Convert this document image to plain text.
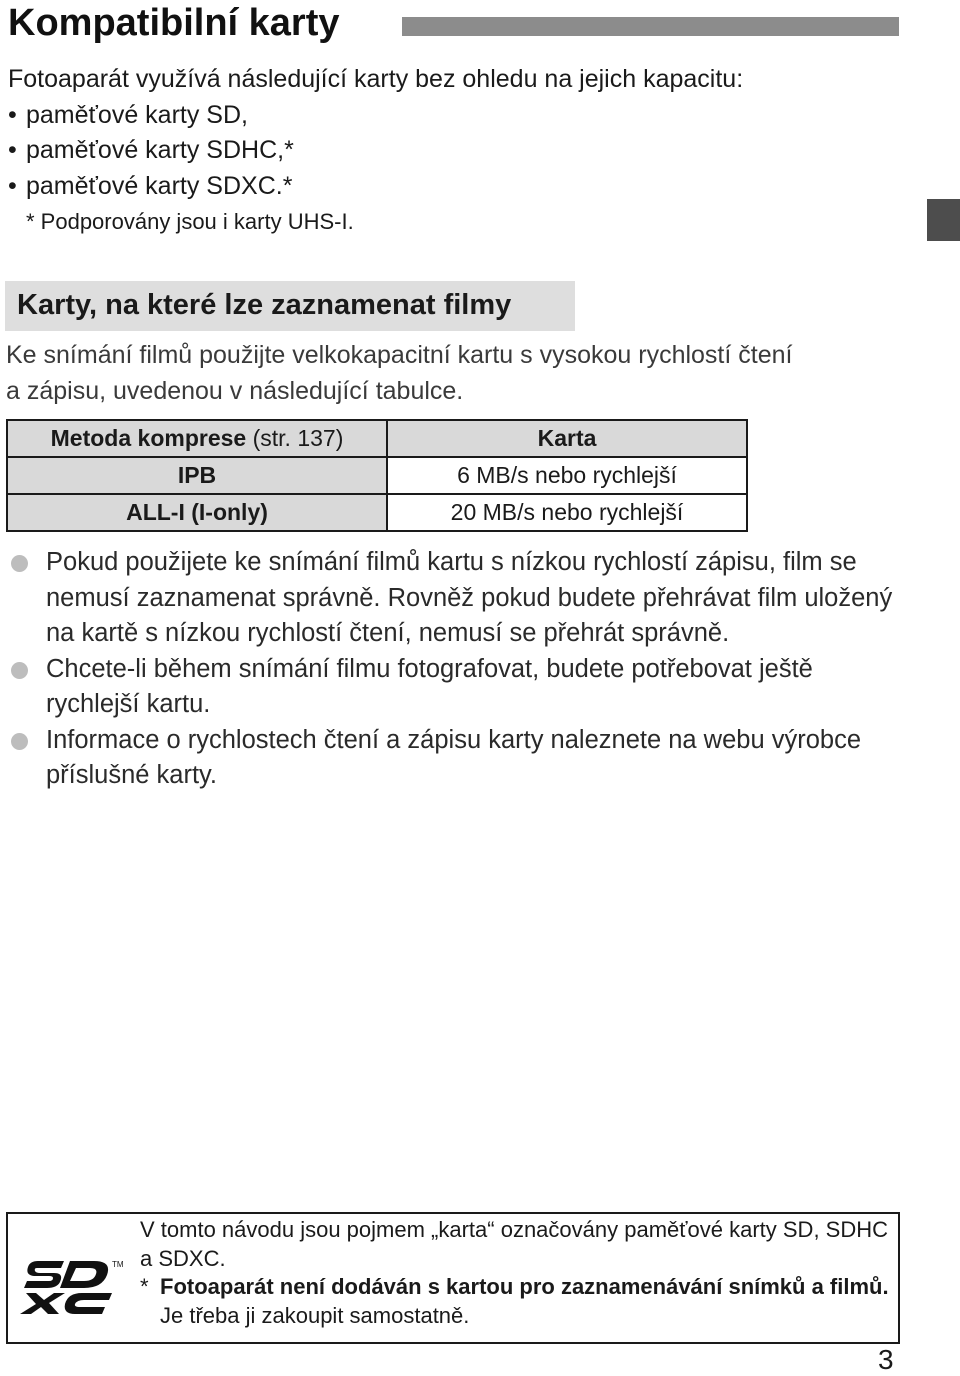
Kompatibilní karty
Fotoaparát využívá následující karty bez ohledu na jejich kapacitu:
• paměťové karty SD,
• paměťové karty SDHC,*
• paměťové karty SDXC.*
* Podporovány jsou i karty UHS-I.
Karty, na které lze zaznamenat filmy
Ke snímání filmů použijte velkokapacitní kartu s vysokou rychlostí čtení
a zápisu, uvedenou v následující tabulce.
Metoda komprese (str. 137)	Karta
IPB	6 MB/s nebo rychlejší
ALL-I (I-only)	20 MB/s nebo rychlejší
Pokud použijete ke snímání filmů kartu s nízkou rychlostí zápisu, film se nemusí zaznamenat správně. Rovněž pokud budete přehrávat film uložený na kartě s nízkou rychlostí čtení, nemusí se přehrát správně.
Chcete-li během snímání filmu fotografovat, budete potřebovat ještě rychlejší kartu.
Informace o rychlostech čtení a zápisu karty naleznete na webu výrobce příslušné karty.
TM
V tomto návodu jsou pojmem „karta“ označovány paměťové karty SD, SDHC a SDXC.
* Fotoaparát není dodáván s kartou pro zaznamenávání snímků a filmů. Je třeba ji zakoupit samostatně.
3
